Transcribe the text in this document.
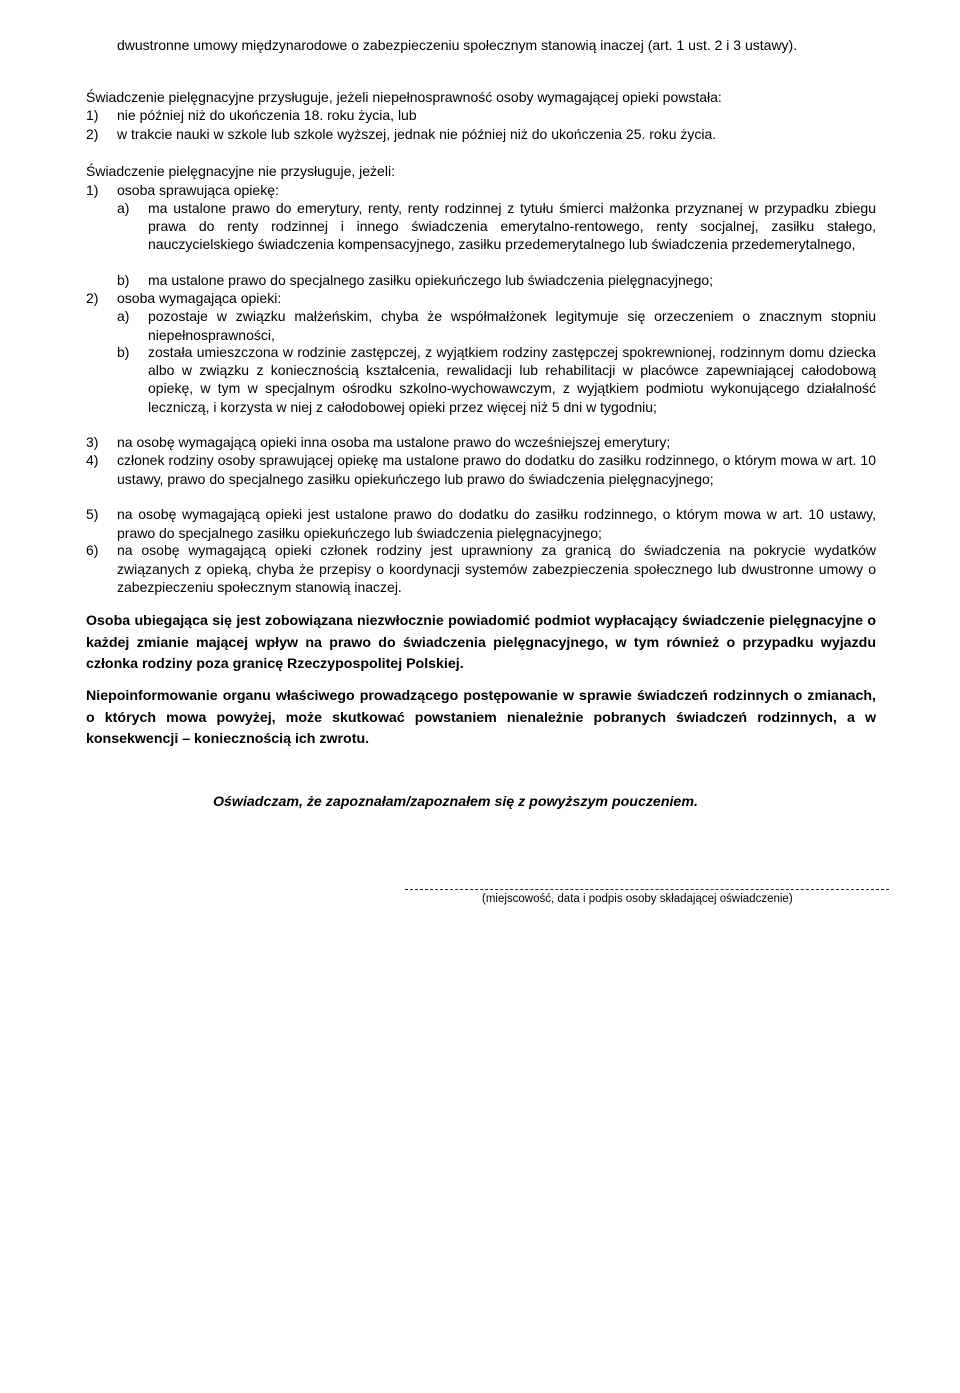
dwustronne umowy międzynarodowe o zabezpieczeniu społecznym stanowią inaczej (art. 1 ust. 2 i 3 ustawy).

Świadczenie pielęgnacyjne przysługuje, jeżeli niepełnosprawność osoby wymagającej opieki powstała:

1)	nie później niż do ukończenia 18. roku życia, lub
2)	w trakcie nauki w szkole lub szkole wyższej, jednak nie później niż do ukończenia 25. roku życia.

Świadczenie pielęgnacyjne nie przysługuje, jeżeli:

1)	osoba sprawująca opiekę:
a)	ma ustalone prawo do emerytury, renty, renty rodzinnej z tytułu śmierci małżonka przyznanej w przypadku zbiegu prawa do renty rodzinnej i innego świadczenia emerytalno-rentowego, renty socjalnej, zasiłku stałego, nauczycielskiego świadczenia kompensacyjnego, zasiłku przedemerytalnego lub świadczenia przedemerytalnego,
b)	ma ustalone prawo do specjalnego zasiłku opiekuńczego lub świadczenia pielęgnacyjnego;
2)	osoba wymagająca opieki:
a)	pozostaje w związku małżeńskim, chyba że współmałżonek legitymuje się orzeczeniem o znacznym stopniu niepełnosprawności,
b)	została umieszczona w rodzinie zastępczej, z wyjątkiem rodziny zastępczej spokrewnionej, rodzinnym domu dziecka albo w związku z koniecznością kształcenia, rewalidacji lub rehabilitacji w placówce zapewniającej całodobową opiekę, w tym w specjalnym ośrodku szkolno-wychowawczym, z wyjątkiem podmiotu wykonującego działalność leczniczą, i korzysta w niej z całodobowej opieki przez więcej niż 5 dni w tygodniu;
3)	na osobę wymagającą opieki inna osoba ma ustalone prawo do wcześniejszej emerytury;
4)	członek rodziny osoby sprawującej opiekę ma ustalone prawo do dodatku do zasiłku rodzinnego, o którym mowa w art. 10 ustawy, prawo do specjalnego zasiłku opiekuńczego lub prawo do świadczenia pielęgnacyjnego;
5)	na osobę wymagającą opieki jest ustalone prawo do dodatku do zasiłku rodzinnego, o którym mowa w art. 10 ustawy, prawo do specjalnego zasiłku opiekuńczego lub świadczenia pielęgnacyjnego;
6)	na osobę wymagającą opieki członek rodziny jest uprawniony za granicą do świadczenia na pokrycie wydatków związanych z opieką, chyba że przepisy o koordynacji systemów zabezpieczenia społecznego lub dwustronne umowy o zabezpieczeniu społecznym stanowią inaczej.

Osoba ubiegająca się jest zobowiązana niezwłocznie powiadomić podmiot wypłacający świadczenie pielęgnacyjne o każdej zmianie mającej wpływ na prawo do świadczenia pielęgnacyjnego, w tym również o przypadku wyjazdu członka rodziny poza granicę Rzeczypospolitej Polskiej.

Niepoinformowanie organu właściwego prowadzącego postępowanie w sprawie świadczeń rodzinnych o zmianach, o których mowa powyżej, może skutkować powstaniem nienależnie pobranych świadczeń rodzinnych, a w konsekwencji – koniecznością ich zwrotu.

Oświadczam, że zapoznałam/zapoznałem się z powyższym pouczeniem.

(miejscowość, data i podpis osoby składającej oświadczenie)
